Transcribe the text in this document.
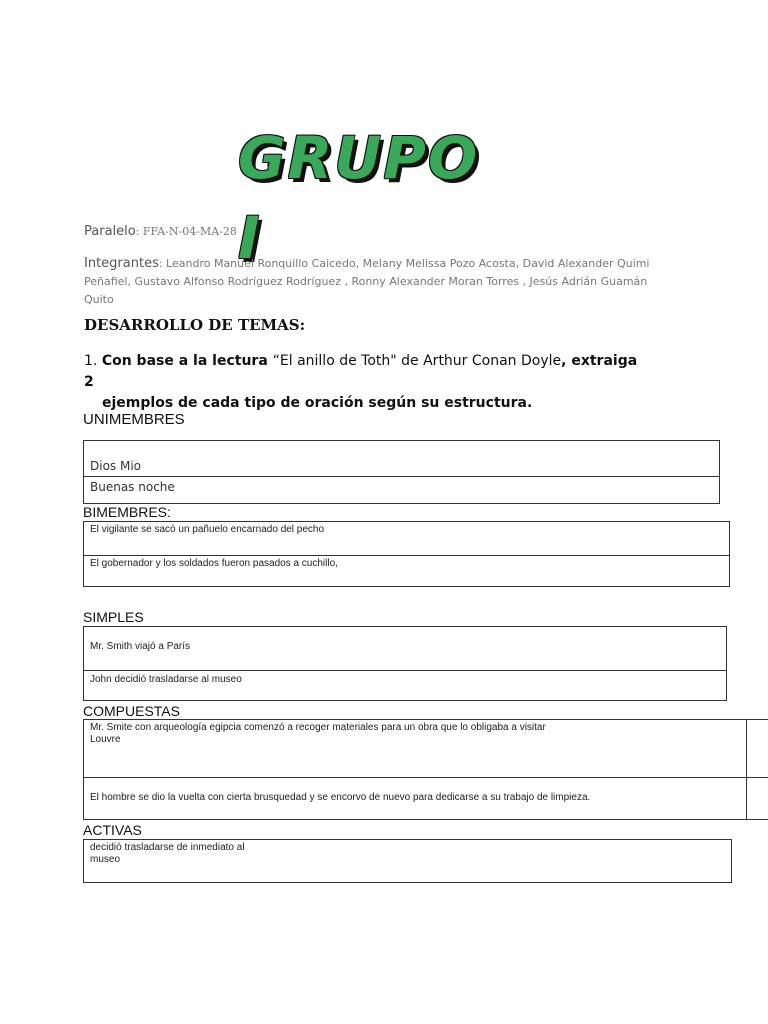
GRUPO I
Paralelo: FFA-N-04-MA-28
Integrantes: Leandro Manuel Ronquillo Caicedo, Melany Melissa Pozo Acosta, David Alexander Quimi
Peñafiel, Gustavo Alfonso Rodríguez Rodríguez , Ronny Alexander Moran Torres , Jesús Adrián Guamán
Quito
DESARROLLO DE TEMAS:
1. Con base a la lectura “El anillo de Toth" de Arthur Conan Doyle, extraiga 2
ejemplos de cada tipo de oración según su estructura.
UNIMEMBRES
Dios Mio
Buenas noche
BIMEMBRES:
El vigilante se sacó un pañuelo encarnado del pecho
El gobernador y los soldados fueron pasados a cuchillo,
SIMPLES
Mr. Smith viajó a París
John decidió trasladarse al museo
COMPUESTAS
Mr. Smite con arqueología egipcia comenzó a recoger materiales para un obra que lo obligaba a visitar
Louvre
El hombre se dio la vuelta con cierta brusquedad y se encorvo de nuevo para dedicarse a su trabajo de limpieza.
ACTIVAS
decidió trasladarse de inmediato al
museo
